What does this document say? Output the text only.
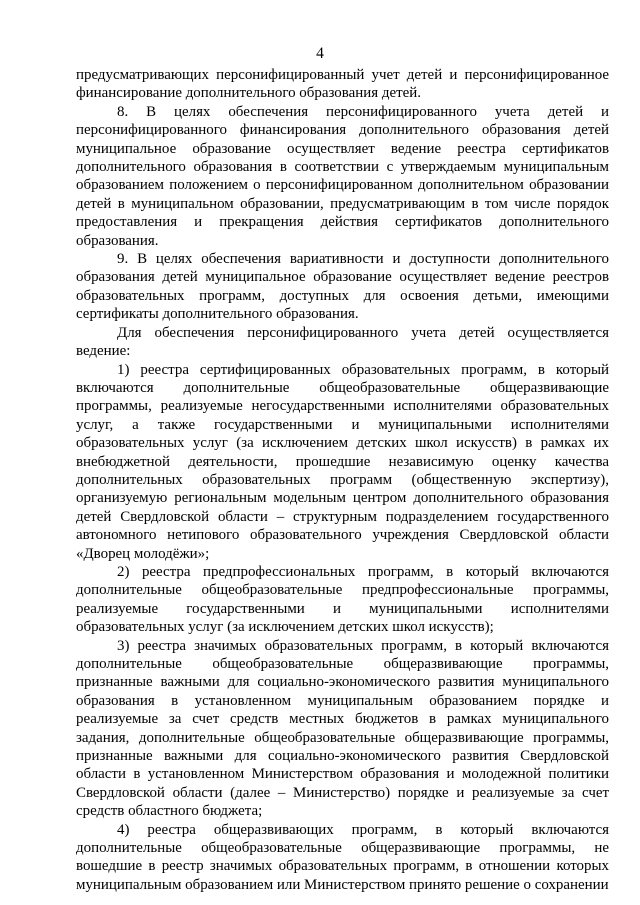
4

предусматривающих персонифицированный учет детей и персонифицированное финансирование дополнительного образования детей.

8. В целях обеспечения персонифицированного учета детей и персонифицированного финансирования дополнительного образования детей муниципальное образование осуществляет ведение реестра сертификатов дополнительного образования в соответствии с утверждаемым муниципальным образованием положением о персонифицированном дополнительном образовании детей в муниципальном образовании, предусматривающим в том числе порядок предоставления и прекращения действия сертификатов дополнительного образования.

9. В целях обеспечения вариативности и доступности дополнительного образования детей муниципальное образование осуществляет ведение реестров образовательных программ, доступных для освоения детьми, имеющими сертификаты дополнительного образования.

Для обеспечения персонифицированного учета детей осуществляется ведение:

1) реестра сертифицированных образовательных программ, в который включаются дополнительные общеобразовательные общеразвивающие программы, реализуемые негосударственными исполнителями образовательных услуг, а также государственными и муниципальными исполнителями образовательных услуг (за исключением детских школ искусств) в рамках их внебюджетной деятельности, прошедшие независимую оценку качества дополнительных образовательных программ (общественную экспертизу), организуемую региональным модельным центром дополнительного образования детей Свердловской области – структурным подразделением государственного автономного нетипового образовательного учреждения Свердловской области «Дворец молодёжи»;

2) реестра предпрофессиональных программ, в который включаются дополнительные общеобразовательные предпрофессиональные программы, реализуемые государственными и муниципальными исполнителями образовательных услуг (за исключением детских школ искусств);

3) реестра значимых образовательных программ, в который включаются дополнительные общеобразовательные общеразвивающие программы, признанные важными для социально-экономического развития муниципального образования в установленном муниципальным образованием порядке и реализуемые за счет средств местных бюджетов в рамках муниципального задания, дополнительные общеобразовательные общеразвивающие программы, признанные важными для социально-экономического развития Свердловской области в установленном Министерством образования и молодежной политики Свердловской области (далее – Министерство) порядке и реализуемые за счет средств областного бюджета;

4) реестра общеразвивающих программ, в который включаются дополнительные общеобразовательные общеразвивающие программы, не вошедшие в реестр значимых образовательных программ, в отношении которых муниципальным образованием или Министерством принято решение о сохранении
